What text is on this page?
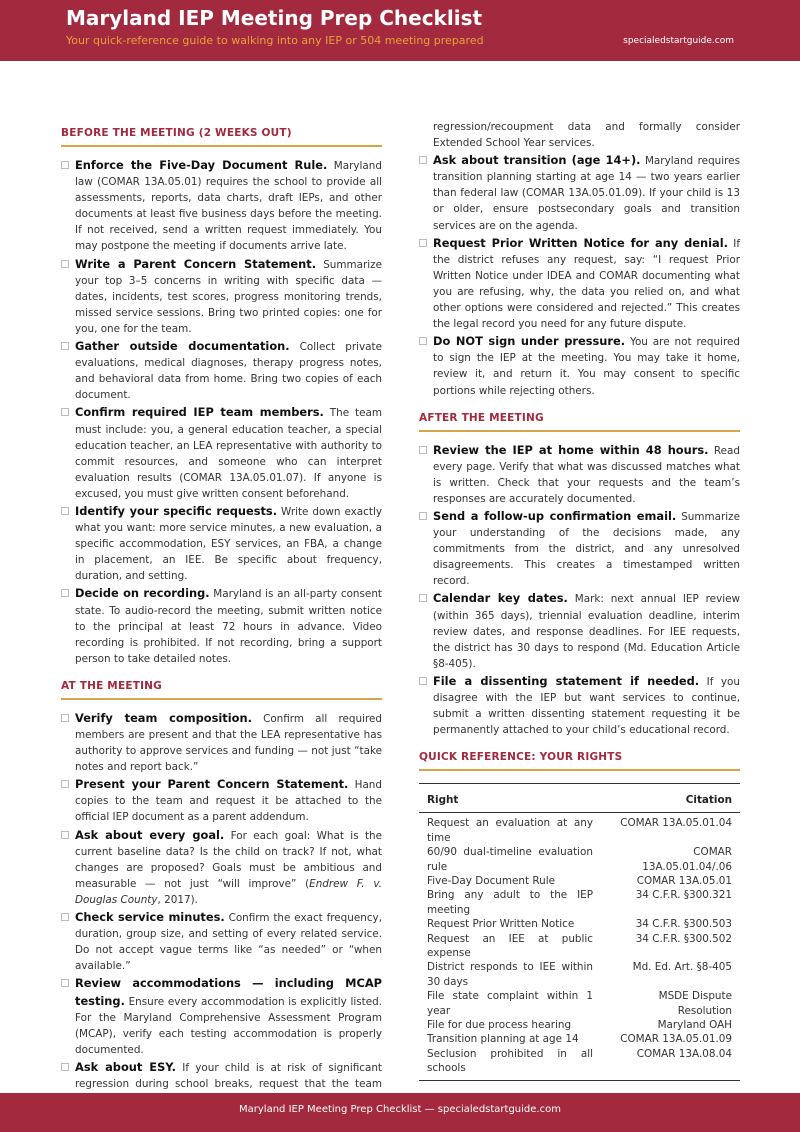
Maryland IEP Meeting Prep Checklist
Your quick-reference guide to walking into any IEP or 504 meeting prepared	specialedstartguide.com
BEFORE THE MEETING (2 WEEKS OUT)
Enforce the Five-Day Document Rule. Maryland law (COMAR 13A.05.01) requires the school to provide all assessments, reports, data charts, draft IEPs, and other documents at least five business days before the meeting. If not received, send a written request immediately. You may postpone the meeting if documents arrive late.
Write a Parent Concern Statement. Summarize your top 3–5 concerns in writing with specific data — dates, incidents, test scores, progress monitoring trends, missed service sessions. Bring two printed copies: one for you, one for the team.
Gather outside documentation. Collect private evaluations, medical diagnoses, therapy progress notes, and behavioral data from home. Bring two copies of each document.
Confirm required IEP team members. The team must include: you, a general education teacher, a special education teacher, an LEA representative with authority to commit resources, and someone who can interpret evaluation results (COMAR 13A.05.01.07). If anyone is excused, you must give written consent beforehand.
Identify your specific requests. Write down exactly what you want: more service minutes, a new evaluation, a specific accommodation, ESY services, an FBA, a change in placement, an IEE. Be specific about frequency, duration, and setting.
Decide on recording. Maryland is an all-party consent state. To audio-record the meeting, submit written notice to the principal at least 72 hours in advance. Video recording is prohibited. If not recording, bring a support person to take detailed notes.
AT THE MEETING
Verify team composition. Confirm all required members are present and that the LEA representative has authority to approve services and funding — not just “take notes and report back.”
Present your Parent Concern Statement. Hand copies to the team and request it be attached to the official IEP document as a parent addendum.
Ask about every goal. For each goal: What is the current baseline data? Is the child on track? If not, what changes are proposed? Goals must be ambitious and measurable — not just “will improve” (Endrew F. v. Douglas County, 2017).
Check service minutes. Confirm the exact frequency, duration, group size, and setting of every related service. Do not accept vague terms like “as needed” or “when available.”
Review accommodations — including MCAP testing. Ensure every accommodation is explicitly listed. For the Maryland Comprehensive Assessment Program (MCAP), verify each testing accommodation is properly documented.
Ask about ESY. If your child is at risk of significant regression during school breaks, request that the team
regression/recoupment data and formally consider Extended School Year services.
Ask about transition (age 14+). Maryland requires transition planning starting at age 14 — two years earlier than federal law (COMAR 13A.05.01.09). If your child is 13 or older, ensure postsecondary goals and transition services are on the agenda.
Request Prior Written Notice for any denial. If the district refuses any request, say: “I request Prior Written Notice under IDEA and COMAR documenting what you are refusing, why, the data you relied on, and what other options were considered and rejected.” This creates the legal record you need for any future dispute.
Do NOT sign under pressure. You are not required to sign the IEP at the meeting. You may take it home, review it, and return it. You may consent to specific portions while rejecting others.
AFTER THE MEETING
Review the IEP at home within 48 hours. Read every page. Verify that what was discussed matches what is written. Check that your requests and the team’s responses are accurately documented.
Send a follow-up confirmation email. Summarize your understanding of the decisions made, any commitments from the district, and any unresolved disagreements. This creates a timestamped written record.
Calendar key dates. Mark: next annual IEP review (within 365 days), triennial evaluation deadline, interim review dates, and response deadlines. For IEE requests, the district has 30 days to respond (Md. Education Article §8-405).
File a dissenting statement if needed. If you disagree with the IEP but want services to continue, submit a written dissenting statement requesting it be permanently attached to your child’s educational record.
QUICK REFERENCE: YOUR RIGHTS
Right	Citation
Request an evaluation at any time	COMAR 13A.05.01.04
60/90 dual-timeline evaluation rule	COMAR 13A.05.01.04/.06
Five-Day Document Rule	COMAR 13A.05.01
Bring any adult to the IEP meeting	34 C.F.R. §300.321
Request Prior Written Notice	34 C.F.R. §300.503
Request an IEE at public expense	34 C.F.R. §300.502
District responds to IEE within 30 days	Md. Ed. Art. §8-405
File state complaint within 1 year	MSDE Dispute Resolution
File for due process hearing	Maryland OAH
Transition planning at age 14	COMAR 13A.05.01.09
Seclusion prohibited in all schools	COMAR 13A.08.04
Maryland IEP Meeting Prep Checklist — specialedstartguide.com
